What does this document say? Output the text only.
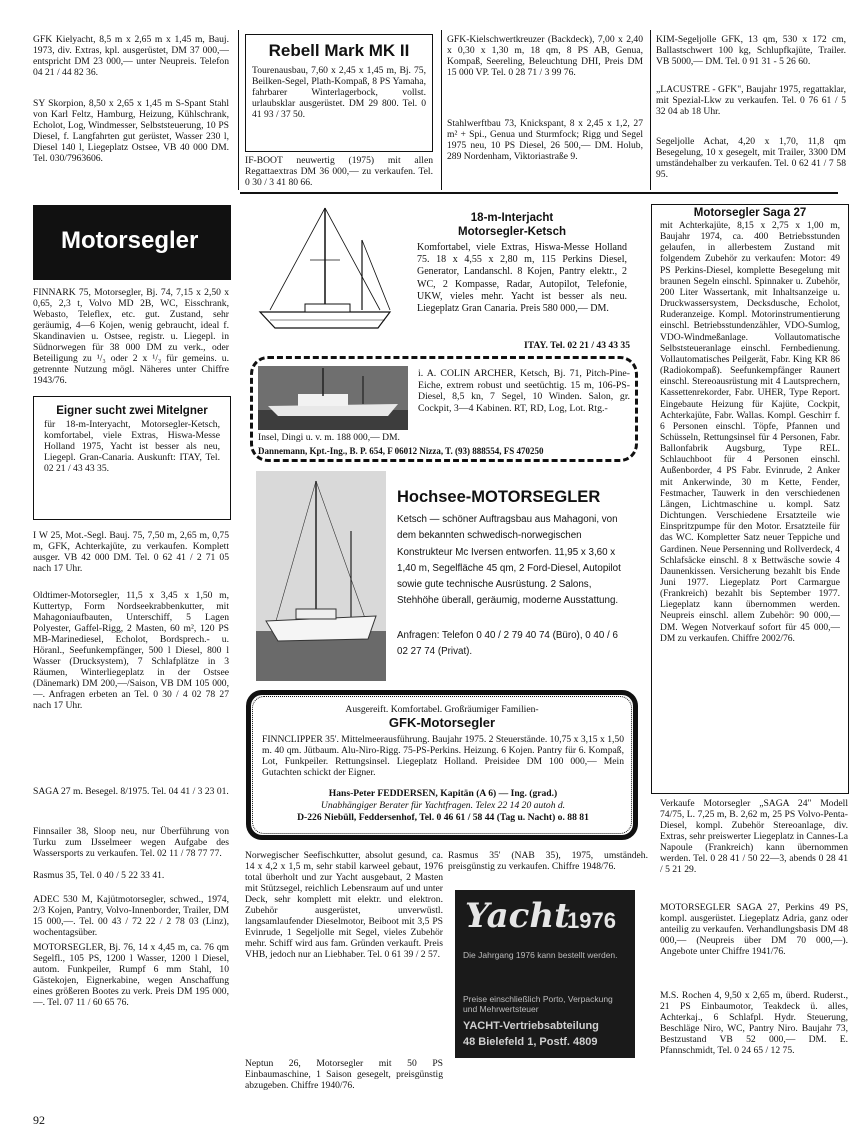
GFK Kielyacht, 8,5 m x 2,65 m x 1,45 m, Bauj. 1973, div. Extras, kpl. ausgerüstet, DM 37 000,— entspricht DM 23 000,— unter Neupreis. Telefon 04 21 / 44 82 36.

SY Skorpion, 8,50 x 2,65 x 1,45 m S-Spant Stahl von Karl Feltz, Hamburg, Heizung, Kühlschrank, Echolot, Log, Windmesser, Selbststeuerung, 10 PS Diesel, f. Langfahrten gut gerüstet, Wasser 230 l, Diesel 140 l, Liegeplatz Ostsee, VB 40 000 DM. Tel. 030/7963606.

Motorsegler

FINNARK 75, Motorsegler, Bj. 74, 7,15 x 2,50 x 0,65, 2,3 t, Volvo MD 2B, WC, Eisschrank, Webasto, Teleflex, etc. gut. Zustand, sehr geräumig, 4—6 Kojen, wenig gebraucht, ideal f. Skandinavien u. Ostsee, registr. u. Liegepl. in Südnorwegen für 38 000 DM zu verk., oder Beteiligung zu ¹/₃ oder 2 x ¹/₃ für gemeins. u. getrennte Nutzung mögl. Näheres unter Chiffre 1943/76.

Eigner sucht zwei Mitelgner

für 18-m-Interyacht, Motorsegler-Ketsch, komfortabel, viele Extras, Hiswa-Messe Holland 1975, Yacht ist besser als neu, Liegepl. Gran-Canaria. Auskunft: ITAY, Tel. 02 21 / 43 43 35.

I W 25, Mot.-Segl. Bauj. 75, 7,50 m, 2,65 m, 0,75 m, GFK, Achterkajüte, zu verkaufen. Komplett ausger. VB 42 000 DM. Tel. 0 62 41 / 2 71 05 nach 17 Uhr.

Oldtimer-Motorsegler, 11,5 x 3,45 x 1,50 m, Kuttertyp, Form Nordseekrabbenkutter, mit Mahagoniaufbauten, Unterschiff, 5 Lagen Polyester, Gaffel-Rigg, 2 Masten, 60 m², 120 PS MB-Marinediesel, Echolot, Bordsprech.- u. Höranl., Seefunkempfänger, 500 l Diesel, 800 l Wasser (Drucksystem), 7 Schlafplätze in 3 Räumen, Winterliegeplatz in der Ostsee (Dänemark) DM 200,—/Saison, VB DM 105 000,—. Anfragen erbeten an Tel. 0 30 / 4 02 78 27 nach 17 Uhr.

SAGA 27 m. Besegel. 8/1975. Tel. 04 41 / 3 23 01.

Finnsailer 38, Sloop neu, nur Überführung von Turku zum IJsselmeer wegen Aufgabe des Wassersports zu verkaufen. Tel. 02 11 / 78 77 77.

Rasmus 35, Tel. 0 40 / 5 22 33 41.

ADEC 530 M, Kajütmotorsegler, schwed., 1974, 2/3 Kojen, Pantry, Volvo-Innenborder, Trailer, DM 15 000,—. Tel. 00 43 / 72 22 / 2 78 03 (Linz), wochentagsüber.

MOTORSEGLER, Bj. 76, 14 x 4,45 m, ca. 76 qm Segelfl., 105 PS, 1200 l Wasser, 1200 l Diesel, autom. Funkpeiler, Rumpf 6 mm Stahl, 10 Gästekojen, Eignerkabine, wegen Anschaffung eines größeren Bootes zu verk. Preis DM 195 000,—. Tel. 07 11 / 60 65 76.

92
Rebell Mark MK II

Tourenausbau, 7,60 x 2,45 x 1,45 m, Bj. 75, Beilken-Segel, Plath-Kompaß, 8 PS Yamaha, fahrbarer Winterlagerbock, vollst. urlaubsklar ausgerüstet. DM 29 800. Tel. 0 41 93 / 37 50.

IF-BOOT neuwertig (1975) mit allen Regattaextras DM 36 000,— zu verkaufen. Tel. 0 30 / 3 41 80 66.

GFK-Kielschwertkreuzer (Backdeck), 7,00 x 2,40 x 0,30 x 1,30 m, 18 qm, 8 PS AB, Genua, Kompaß, Seereling, Beleuchtung DHI, Preis DM 15 000 VP. Tel. 0 28 71 / 3 99 76.

Stahlwerftbau 73, Knickspant, 8 x 2,45 x 1,2, 27 m² + Spi., Genua und Sturmfock; Rigg und Segel 1975 neu, 10 PS Diesel, 26 500,— DM. Holub, 289 Nordenham, Viktoriastraße 9.

KIM-Segeljolle GFK, 13 qm, 530 x 172 cm, Ballastschwert 100 kg, Schlupfkajüte, Trailer. VB 5000,— DM. Tel. 0 91 31 - 5 26 60.

„LACUSTRE - GFK", Baujahr 1975, regattaklar, mit Spezial-Lkw zu verkaufen. Tel. 0 76 61 / 5 32 04 ab 18 Uhr.

Segeljolle Achat, 4,20 x 1,70, 11,8 qm Besegelung, 10 x gesegelt, mit Trailer, 3300 DM umständehalber zu verkaufen. Tel. 0 62 41 / 7 58 95.

18-m-Interjacht
Motorsegler-Ketsch

Komfortabel, viele Extras, Hiswa-Messe Holland 75. 18 x 4,55 x 2,80 m, 115 Perkins Diesel, Generator, Landanschl. 8 Kojen, Pantry elektr., 2 WC, 2 Kompasse, Radar, Autopilot, Telefonie, UKW, vieles mehr. Yacht ist besser als neu. Liegeplatz Gran Canaria. Preis 580 000,— DM.

ITAY. Tel. 02 21 / 43 43 35

i. A. COLIN ARCHER, Ketsch, Bj. 71, Pitch-Pine-Eiche, extrem robust und seetüchtig. 15 m, 106-PS-Diesel, 8,5 kn, 7 Segel, 10 Winden. Salon, gr. Cockpit, 3—4 Kabinen. RT, RD, Log, Lot. Rtg.-

Insel, Dingi u. v. m. 188 000,— DM.
Dannemann, Kpt.-Ing., B. P. 654, F 06012 Nizza, T. (93) 888554, FS 470250
Hochsee-MOTORSEGLER

Ketsch — schöner Auftragsbau aus Mahagoni, von dem bekannten schwedisch-norwegischen Konstrukteur Mc Iversen entworfen. 11,95 x 3,60 x 1,40 m, Segelfläche 45 qm, 2 Ford-Diesel, Autopilot sowie gute technische Ausrüstung. 2 Salons, Stehhöhe überall, geräumig, moderne Ausstattung.

Anfragen: Telefon 0 40 / 2 79 40 74 (Büro), 0 40 / 6 02 27 74 (Privat).

Ausgereift. Komfortabel. Großräumiger Familien-
GFK-Motorsegler

FINNCLIPPER 35'. Mittelmeerausführung. Baujahr 1975. 2 Steuerstände. 10,75 x 3,15 x 1,50 m. 40 qm. Jütbaum. Alu-Niro-Rigg. 75-PS-Perkins. Heizung. 6 Kojen. Pantry für 6. Kompaß, Lot, Funkpeiler. Rettungsinsel. Liegeplatz Holland. Preisidee DM 100 000,— Mein Gutachten schickt der Eigner.

Hans-Peter FEDDERSEN, Kapitän (A 6) — Ing. (grad.)
Unabhängiger Berater für Yachtfragen. Telex 22 14 20 autoh d.
D-226 Niebüll, Feddersenhof, Tel. 0 46 61 / 58 44 (Tag u. Nacht) o. 88 81

Norwegischer Seefischkutter, absolut gesund, ca. 14 x 4,2 x 1,5 m, sehr stabil karweel gebaut, 1976 total überholt und zur Yacht ausgebaut, 2 Masten mit Stützsegel, reichlich Lebensraum auf und unter Deck, sehr komplett mit elektr. und elektron. Zubehör ausgerüstet, unverwüstl. langsamlaufender Dieselmotor, Beiboot mit 3,5 PS Evinrude, 1 Segeljolle mit Segel, vieles Zubehör mehr. Schiff wird aus fam. Gründen verkauft. Preis VHB, jedoch nur an Liebhaber. Tel. 0 61 39 / 2 57.

Neptun 26, Motorsegler mit 50 PS Einbaumaschine, 1 Saison gesegelt, preisgünstig abzugeben. Chiffre 1940/76.

Rasmus 35' (NAB 35), 1975, umständeh. preisgünstig zu verkaufen. Chiffre 1948/76.

Yacht
1976
Die Jahrgang 1976 kann bestellt werden.
Preise einschließlich Porto, Verpackung und Mehrwertsteuer
YACHT-Vertriebsabteilung
48 Bielefeld 1, Postf. 4809
Motorsegler Saga 27

mit Achterkajüte, 8,15 x 2,75 x 1,00 m, Baujahr 1974, ca. 400 Betriebsstunden gelaufen, in allerbestem Zustand mit folgendem Zubehör zu verkaufen: Motor: 49 PS Perkins-Diesel, komplette Besegelung mit braunen Segeln einschl. Spinnaker u. Zubehör, 200 Liter Wassertank, mit Inhaltsanzeige u. Druckwassersystem, Decksdusche, Echolot, Ruderanzeige. Kompl. Motorinstrumentierung einschl. Betriebsstundenzähler, VDO-Sumlog, VDO-Windmeßanlage. Vollautomatische Selbststeueranlage einschl. Fernbedienung. Vollautomatisches Peilgerät, Fabr. King KR 86 (Radiokompaß). Seefunkempfänger Raunert einschl. Stereoausrüstung mit 4 Lautsprechern, Kassettenrekorder, Fabr. UHER, Type Report. Eingebaute Heizung für Kajüte, Cockpit, Achterkajüte, Fabr. Wallas. Kompl. Geschirr f. 6 Personen einschl. Töpfe, Pfannen und Schüsseln, Rettungsinsel für 4 Personen, Fabr. Ballonfabrik Augsburg, Type REL. Schlauchboot für 4 Personen einschl. Außenborder, 4 PS Fabr. Evinrude, 2 Anker mit Ankerwinde, 30 m Kette, Fender, Festmacher, Tauwerk in den verschiedenen Längen, Lichtmaschine u. kompl. Satz Dichtungen. Verschiedene Ersatzteile wie Einspritzpumpe für den Motor. Ersatzteile für das WC. Kompletter Satz neuer Teppiche und Gardinen. Neue Persenning und Rollverdeck, 4 Schlafsäcke einschl. 8 x Bettwäsche sowie 4 Daunenkissen. Versicherung bezahlt bis Ende Juni 1977. Liegeplatz Port Carmargue (Frankreich) bezahlt bis September 1977. Liegeplatz kann übernommen werden. Neupreis einschl. allem Zubehör: 90 000,— DM. Wegen Notverkauf sofort für 45 000,— DM zu verkaufen. Chiffre 2002/76.

Verkaufe Motorsegler „SAGA 24" Modell 74/75, L. 7,25 m, B. 2,62 m, 25 PS Volvo-Penta-Diesel, kompl. Zubehör Stereoanlage, div. Extras, sehr preiswerter Liegeplatz in Cannes-La Napoule (Frankreich) kann übernommen werden. Tel. 0 28 41 / 50 22—3, abends 0 28 41 / 5 21 29.

MOTORSEGLER SAGA 27, Perkins 49 PS, kompl. ausgerüstet. Liegeplatz Adria, ganz oder anteilig zu verkaufen. Verhandlungsbasis DM 48 000,— (Neupreis über DM 70 000,—). Angebote unter Chiffre 1941/76.

M.S. Rochen 4, 9,50 x 2,65 m, überd. Ruderst., 21 PS Einbaumotor, Teakdeck ü. alles, Achterkaj., 6 Schlafpl. Hydr. Steuerung, Beschläge Niro, WC, Pantry Niro. Baujahr 73, Bestzustand VB 52 000,— DM. E. Pfannschmidt, Tel. 0 24 65 / 12 75.
